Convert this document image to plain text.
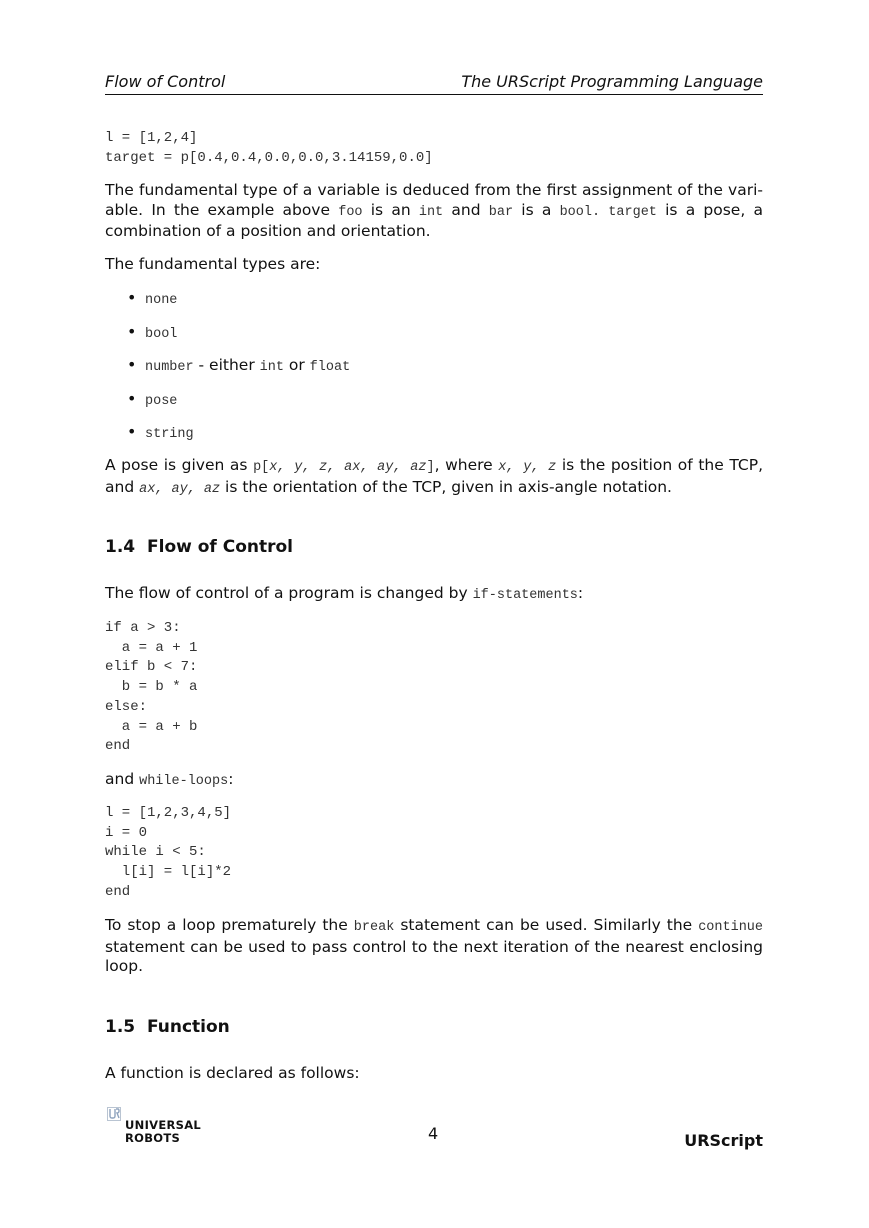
Flow of Control	The URScript Programming Language
l = [1,2,4]
target = p[0.4,0.4,0.0,0.0,3.14159,0.0]

The fundamental type of a variable is deduced from the first assignment of the vari-able. In the example above foo is an int and bar is a bool. target is a pose, a combination of a position and orientation.

The fundamental types are:

• none
• bool
• number - either int or float
• pose
• string

A pose is given as p[x, y, z, ax, ay, az], where x, y, z is the position of the TCP, and ax, ay, az is the orientation of the TCP, given in axis-angle notation.

1.4 Flow of Control

The flow of control of a program is changed by if-statements:

if a > 3:
a = a + 1
elif b < 7:
b = b * a
else:
a = a + b
end

and while-loops:

l = [1,2,3,4,5]
i = 0
while i < 5:
l[i] = l[i]*2
end

To stop a loop prematurely the break statement can be used. Similarly the continue statement can be used to pass control to the next iteration of the nearest enclosing loop.

1.5 Function

A function is declared as follows:

UNIVERSAL
ROBOTS	4	URScript
